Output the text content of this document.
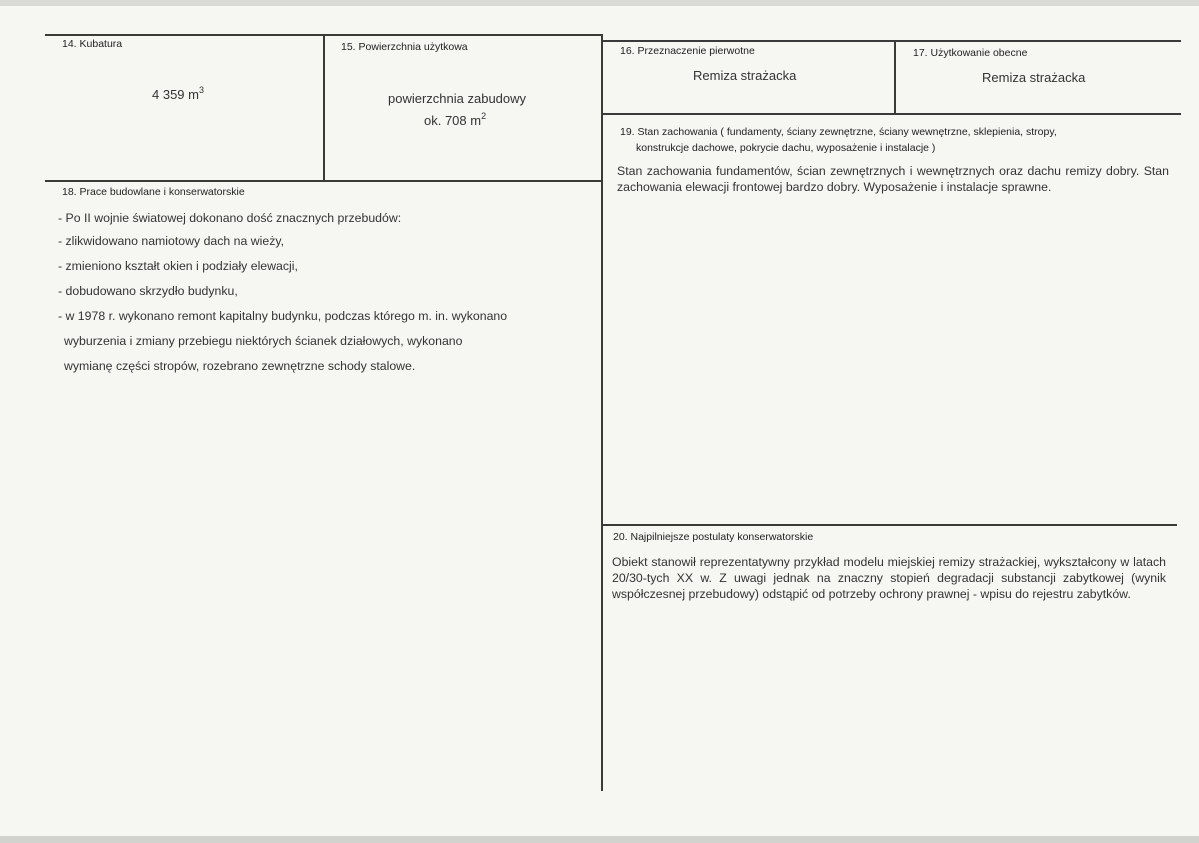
14. Kubatura
4 359 $m^3$
15. Powierzchnia użytkowa
powierzchnia zabudowy
ok. 708 $m^2$
16. Przeznaczenie pierwotne
Remiza strażacka
17. Użytkowanie obecne
Remiza strażacka
19. Stan zachowania ( fundamenty, ściany zewnętrzne, ściany wewnętrzne, sklepienia, stropy,
konstrukcje dachowe, pokrycie dachu, wyposażenie i instalacje )
Stan zachowania fundamentów, ścian zewnętrznych i wewnętrznych oraz dachu remizy dobry. Stan zachowania elewacji frontowej bardzo dobry. Wyposażenie i instalacje sprawne.
18. Prace budowlane i konserwatorskie
- Po II wojnie światowej dokonano dość znacznych przebudów:
- zlikwidowano namiotowy dach na wieży,
- zmieniono kształt okien i podziały elewacji,
- dobudowano skrzydło budynku,
- w 1978 r. wykonano remont kapitalny budynku, podczas którego m. in. wykonano
wyburzenia i zmiany przebiegu niektórych ścianek działowych, wykonano
wymianę części stropów, rozebrano zewnętrzne schody stalowe.
20. Najpilniejsze postulaty konserwatorskie
Obiekt stanowił reprezentatywny przykład modelu miejskiej remizy strażackiej, wykształcony w latach 20/30-tych XX w. Z uwagi jednak na znaczny stopień degradacji substancji zabytkowej (wynik współczesnej przebudowy) odstąpić od potrzeby ochrony prawnej - wpisu do rejestru zabytków.
